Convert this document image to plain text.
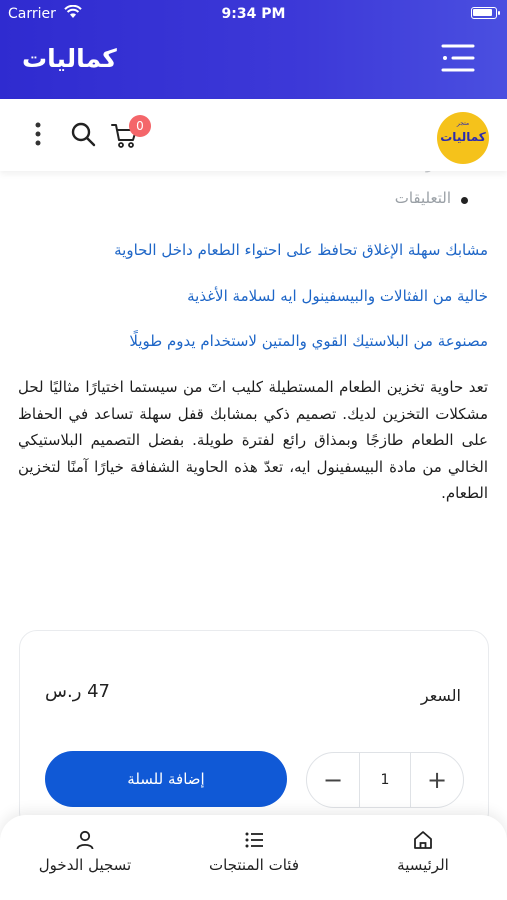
Carrier	9:34 PM
كماليات
0	متجر
كماليات
التعليقات
مشابك سهلة الإغلاق تحافظ على احتواء الطعام داخل الحاوية
خالية من الفثالات والبيسفينول ايه لسلامة الأغذية
مصنوعة من البلاستيك القوي والمتين لاستخدام يدوم طويلًا
تعد حاوية تخزين الطعام المستطيلة كليب اتٓ من سيستما اختيارًا مثاليًا لحل مشكلات التخزين لديك. تصميم ذكي بمشابك قفل سهلة تساعد في الحفاظ على الطعام طازجًا وبمذاق رائع لفترة طويلة. بفضل التصميم البلاستيكي الخالي من مادة البيسفينول ايه، تعدّ هذه الحاوية الشفافة خيارًا آمنًا لتخزين الطعام.
السعر
47 ر.س
−	1	+
إضافة للسلة
الرئيسية
فئات المنتجات
تسجيل الدخول
